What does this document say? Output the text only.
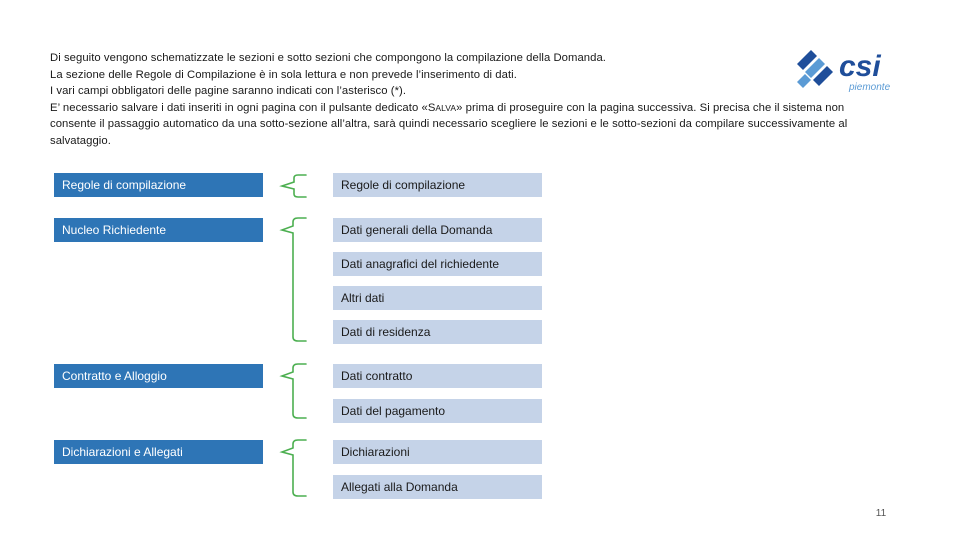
Di seguito vengono schematizzate le sezioni e sotto sezioni che compongono la compilazione della Domanda.

La sezione delle Regole di Compilazione è in sola lettura e non prevede l’inserimento di dati.

I vari campi obbligatori delle pagine saranno indicati con l’asterisco (*).

E’ necessario salvare i dati inseriti in ogni pagina con il pulsante dedicato «SALVA» prima di proseguire con la pagina successiva. Si precisa che il sistema non consente il passaggio automatico da una sotto-sezione all’altra, sarà quindi necessario scegliere le sezioni e le sotto-sezioni da compilare successivamente al salvataggio.

csi
piemonte
Regole di compilazione
Nucleo Richiedente
Contratto e Alloggio
Dichiarazioni e Allegati
Regole di compilazione
Dati generali della Domanda
Dati anagrafici del richiedente
Altri dati
Dati di residenza
Dati contratto
Dati del pagamento
Dichiarazioni
Allegati alla Domanda
11
